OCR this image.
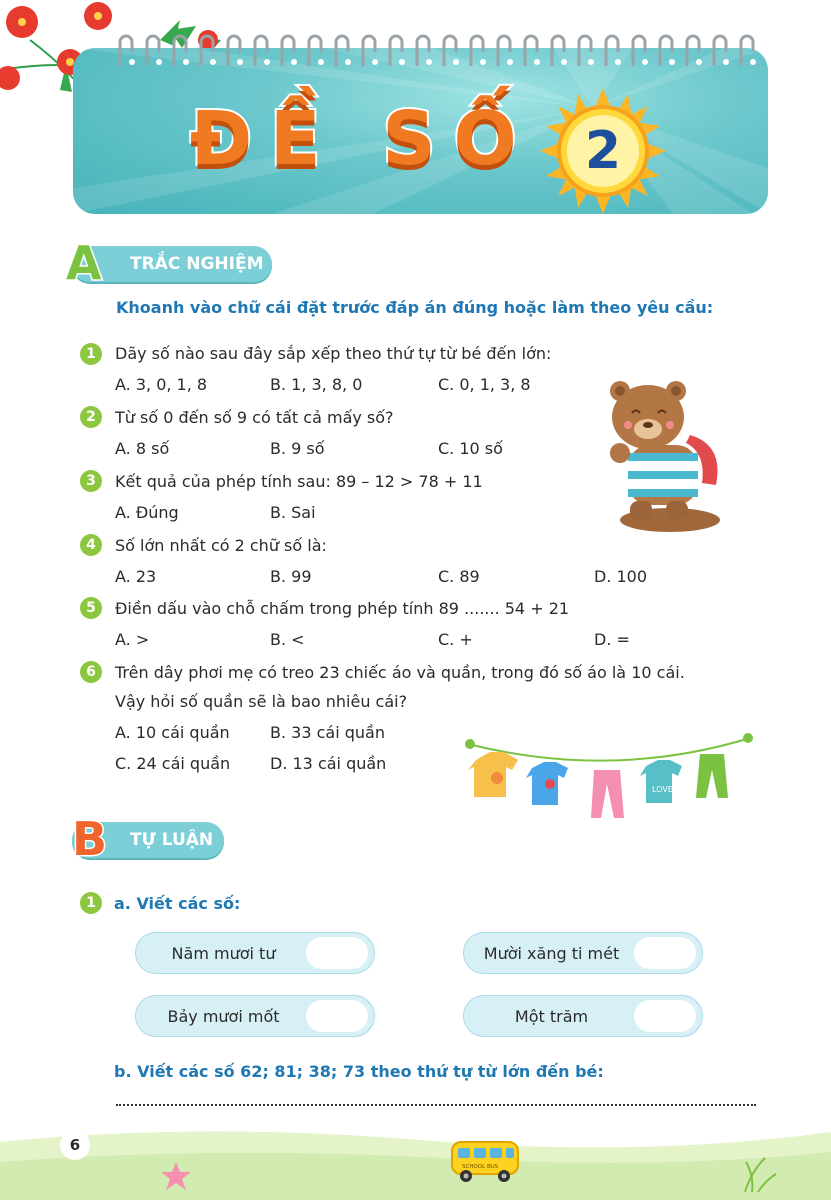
ĐỀ SỐ 2
TRẮC NGHIỆM
A
Khoanh vào chữ cái đặt trước đáp án đúng hoặc làm theo yêu cầu:
1	Dãy số nào sau đây sắp xếp theo thứ tự từ bé đến lớn:
A. 3, 0, 1, 8	B. 1, 3, 8, 0	C. 0, 1, 3, 8
2	Từ số 0 đến số 9 có tất cả mấy số?
A. 8 số	B. 9 số	C. 10 số
3	Kết quả của phép tính sau: 89 – 12 > 78 + 11
A. Đúng	B. Sai
4	Số lớn nhất có 2 chữ số là:
A. 23	B. 99	C. 89	D. 100
5	Điền dấu vào chỗ chấm trong phép tính 89 ....... 54 + 21
A. >	B. <	C. +	D. =
6	Trên dây phơi mẹ có treo 23 chiếc áo và quần, trong đó số áo là 10 cái.
Vậy hỏi số quần sẽ là bao nhiêu cái?
A. 10 cái quần	B. 33 cái quần
C. 24 cái quần D. 13 cái quần
LOVE
TỰ LUẬN
B
1	a. Viết các số:
Năm mươi tư	Mười xăng ti mét
Bảy mươi mốt	Một trăm
b. Viết các số 62; 81; 38; 73 theo thứ tự từ lớn đến bé:
SCHOOL BUS
6
